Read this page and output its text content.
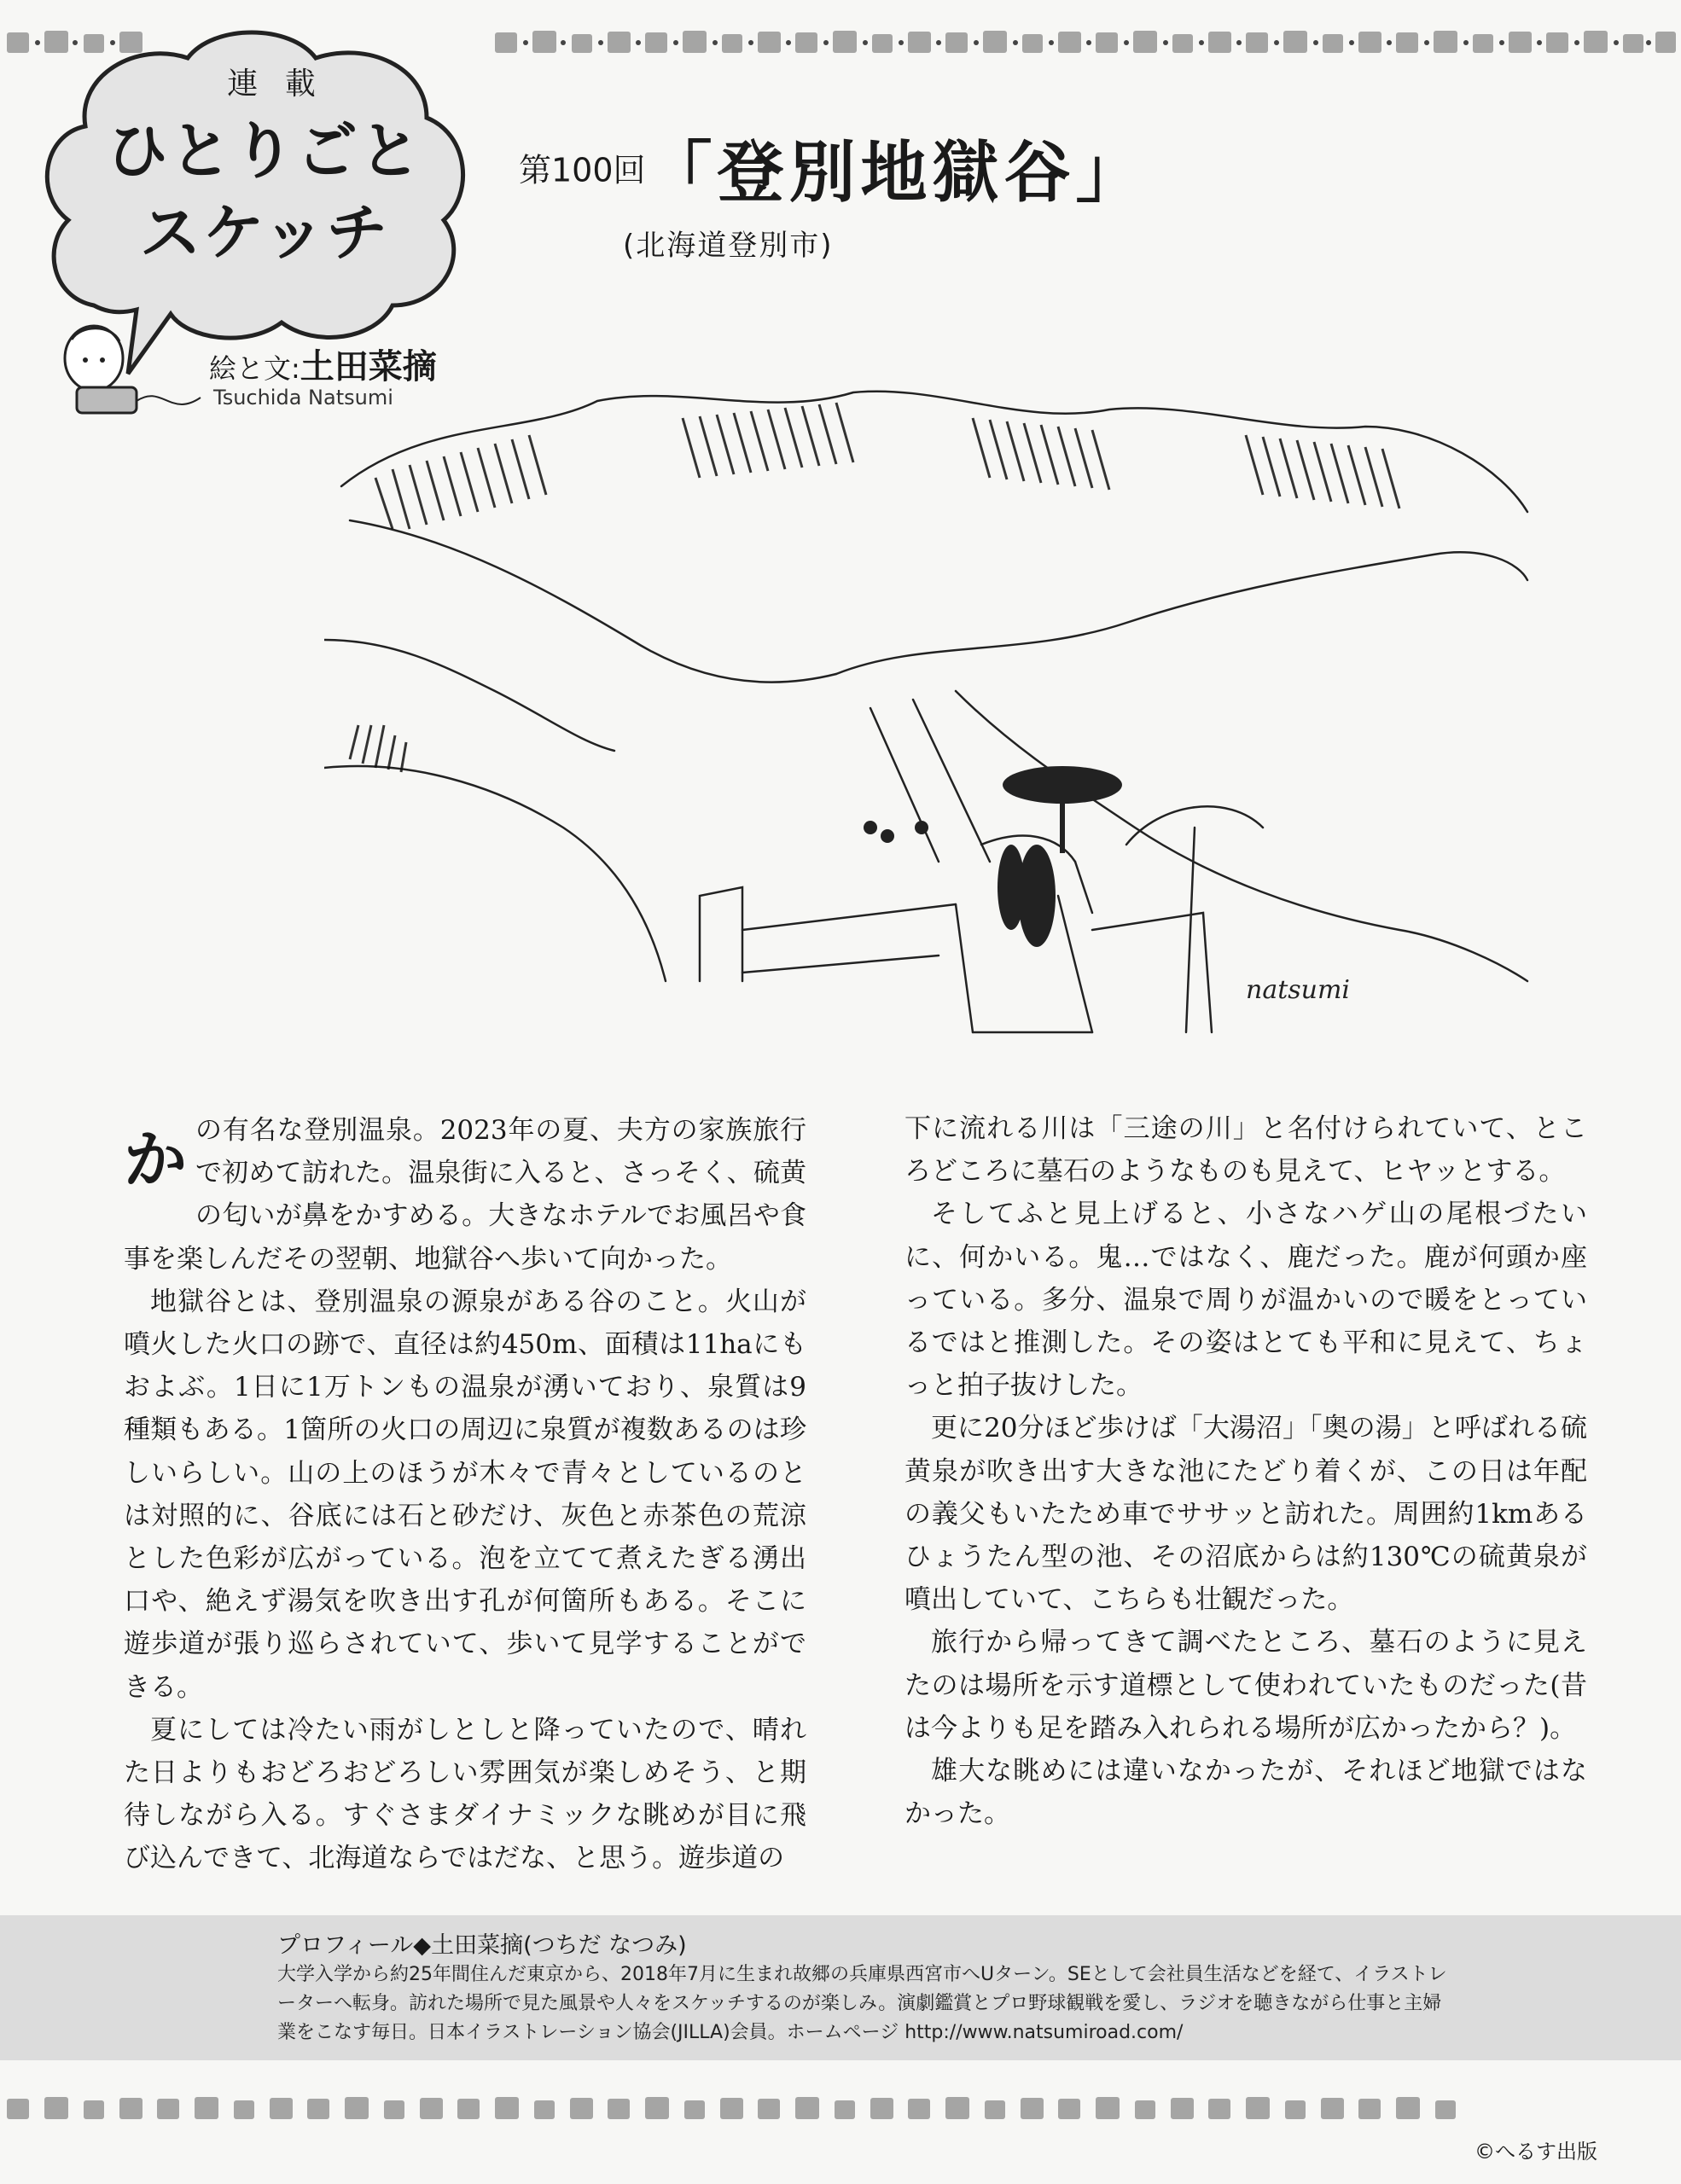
連 載
ひとりごと
スケッチ
絵と文:土田菜摘
Tsuchida Natsumi
第100回「登別地獄谷」
(北海道登別市)
natsumi

かの有名な登別温泉。2023年の夏、夫方の家族旅行で初めて訪れた。温泉街に入ると、さっそく、硫黄の匂いが鼻をかすめる。大きなホテルでお風呂や食事を楽しんだその翌朝、地獄谷へ歩いて向かった。

地獄谷とは、登別温泉の源泉がある谷のこと。火山が噴火した火口の跡で、直径は約450m、面積は11haにもおよぶ。1日に1万トンもの温泉が湧いており、泉質は9種類もある。1箇所の火口の周辺に泉質が複数あるのは珍しいらしい。山の上のほうが木々で青々としているのとは対照的に、谷底には石と砂だけ、灰色と赤茶色の荒涼とした色彩が広がっている。泡を立てて煮えたぎる湧出口や、絶えず湯気を吹き出す孔が何箇所もある。そこに遊歩道が張り巡らされていて、歩いて見学することができる。

夏にしては冷たい雨がしとしと降っていたので、晴れた日よりもおどろおどろしい雰囲気が楽しめそう、と期待しながら入る。すぐさまダイナミックな眺めが目に飛び込んできて、北海道ならではだな、と思う。遊歩道の

下に流れる川は「三途の川」と名付けられていて、ところどころに墓石のようなものも見えて、ヒヤッとする。

そしてふと見上げると、小さなハゲ山の尾根づたいに、何かいる。鬼…ではなく、鹿だった。鹿が何頭か座っている。多分、温泉で周りが温かいので暖をとっているではと推測した。その姿はとても平和に見えて、ちょっと拍子抜けした。

更に20分ほど歩けば「大湯沼」「奥の湯」と呼ばれる硫黄泉が吹き出す大きな池にたどり着くが、この日は年配の義父もいたため車でササッと訪れた。周囲約1kmあるひょうたん型の池、その沼底からは約130℃の硫黄泉が噴出していて、こちらも壮観だった。

旅行から帰ってきて調べたところ、墓石のように見えたのは場所を示す道標として使われていたものだった(昔は今よりも足を踏み入れられる場所が広かったから？)。

雄大な眺めには違いなかったが、それほど地獄ではなかった。

プロフィール◆土田菜摘(つちだ なつみ)
大学入学から約25年間住んだ東京から、2018年7月に生まれ故郷の兵庫県西宮市へUターン。SEとして会社員生活などを経て、イラストレーターへ転身。訪れた場所で見た風景や人々をスケッチするのが楽しみ。演劇鑑賞とプロ野球観戦を愛し、ラジオを聴きながら仕事と主婦業をこなす毎日。日本イラストレーション協会(JILLA)会員。ホームページ http://www.natsumiroad.com/
©へるす出版
